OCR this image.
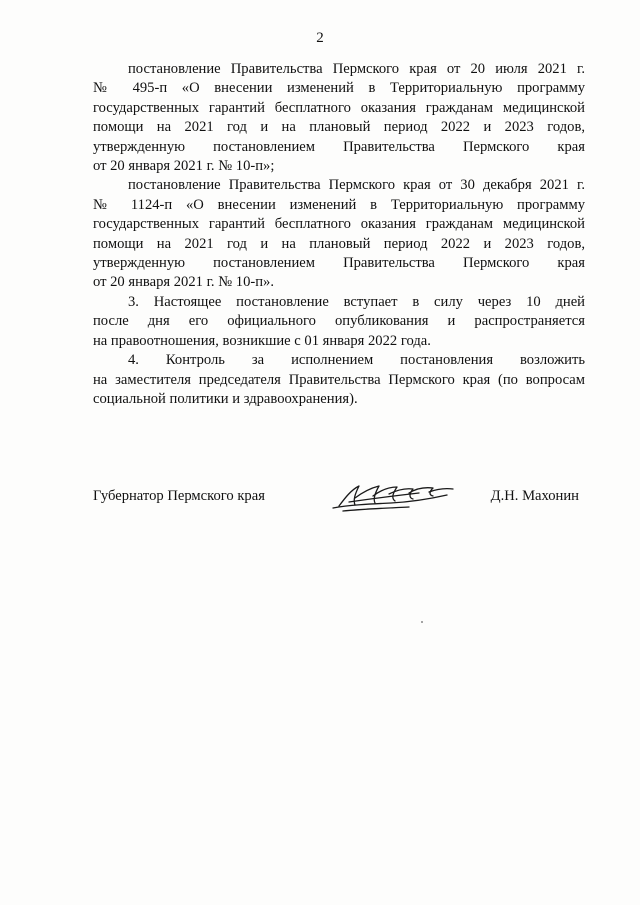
2

постановление Правительства Пермского края от 20 июля 2021 г.
№ 495-п «О внесении изменений в Территориальную программу
государственных гарантий бесплатного оказания гражданам медицинской
помощи на 2021 год и на плановый период 2022 и 2023 годов,
утвержденную постановлением Правительства Пермского края
от 20 января 2021 г. № 10-п»;

постановление Правительства Пермского края от 30 декабря 2021 г.
№ 1124-п «О внесении изменений в Территориальную программу
государственных гарантий бесплатного оказания гражданам медицинской
помощи на 2021 год и на плановый период 2022 и 2023 годов,
утвержденную постановлением Правительства Пермского края
от 20 января 2021 г. № 10-п».

3. Настоящее постановление вступает в силу через 10 дней
после дня его официального опубликования и распространяется
на правоотношения, возникшие с 01 января 2022 года.

4. Контроль за исполнением постановления возложить
на заместителя председателя Правительства Пермского края (по вопросам
социальной политики и здравоохранения).

Губернатор Пермского края	Д.Н. Махонин
